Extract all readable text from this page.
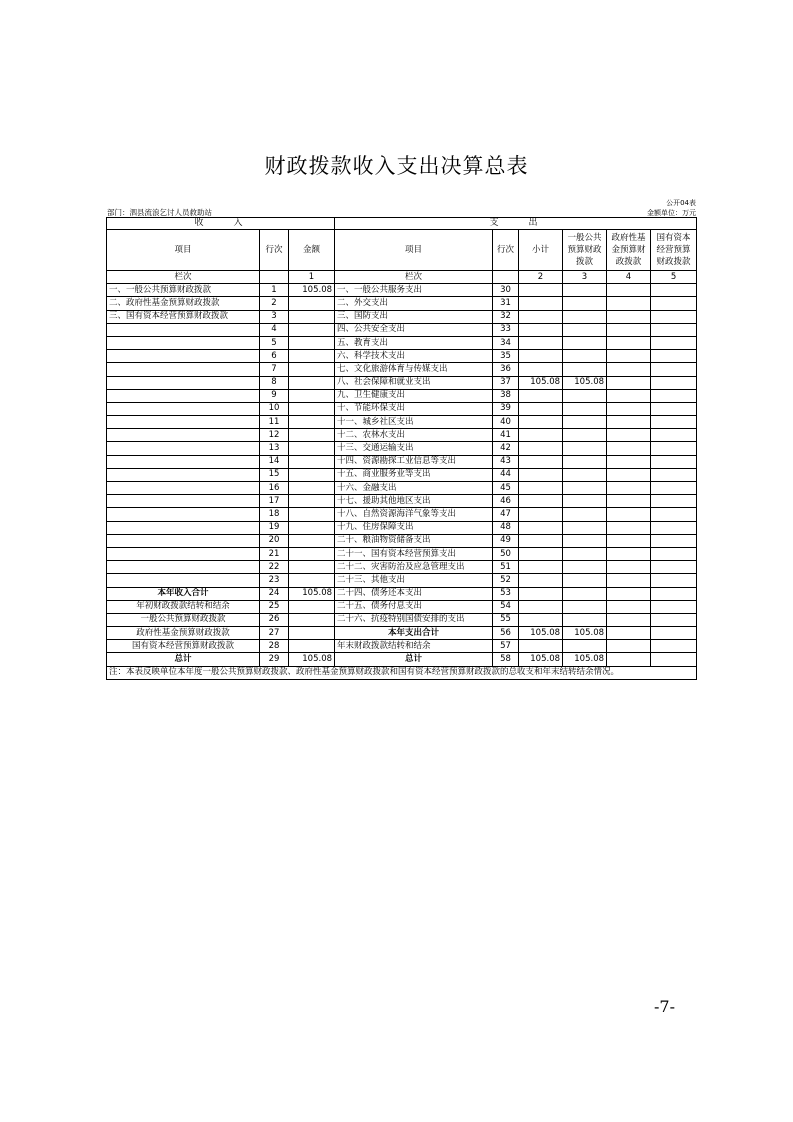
财政拨款收入支出决算总表
公开04表
部门：泗县流浪乞讨人员救助站	金额单位：万元
收　　入			支　　出					
项目	行次	金额	项目	行次	小计	一般公共预算财政拨款	政府性基金预算财政拨款	国有资本经营预算财政拨款
栏次		1	栏次		2	3	4	5
一、一般公共预算财政拨款	1	105.08	一、一般公共服务支出	30				
二、政府性基金预算财政拨款	2		二、外交支出	31				
三、国有资本经营预算财政拨款	3		三、国防支出	32				
	4		四、公共安全支出	33				
	5		五、教育支出	34				
	6		六、科学技术支出	35				
	7		七、文化旅游体育与传媒支出	36				
	8		八、社会保障和就业支出	37	105.08	105.08		
	9		九、卫生健康支出	38				
	10		十、节能环保支出	39				
	11		十一、城乡社区支出	40				
	12		十二、农林水支出	41				
	13		十三、交通运输支出	42				
	14		十四、资源勘探工业信息等支出	43				
	15		十五、商业服务业等支出	44				
	16		十六、金融支出	45				
	17		十七、援助其他地区支出	46				
	18		十八、自然资源海洋气象等支出	47				
	19		十九、住房保障支出	48				
	20		二十、粮油物资储备支出	49				
	21		二十一、国有资本经营预算支出	50				
	22		二十二、灾害防治及应急管理支出	51				
	23		二十三、其他支出	52				
本年收入合计	24	105.08	二十四、债务还本支出	53				
年初财政拨款结转和结余	25		二十五、债务付息支出	54				
一般公共预算财政拨款	26		二十六、抗疫特别国债安排的支出	55				
政府性基金预算财政拨款	27		本年支出合计	56	105.08	105.08		
国有资本经营预算财政拨款	28		年末财政拨款结转和结余	57				
总计	29	105.08	总计	58	105.08	105.08		
注：本表反映单位本年度一般公共预算财政拨款、政府性基金预算财政拨款和国有资本经营预算财政拨款的总收支和年末结转结余情况。								
-7-
